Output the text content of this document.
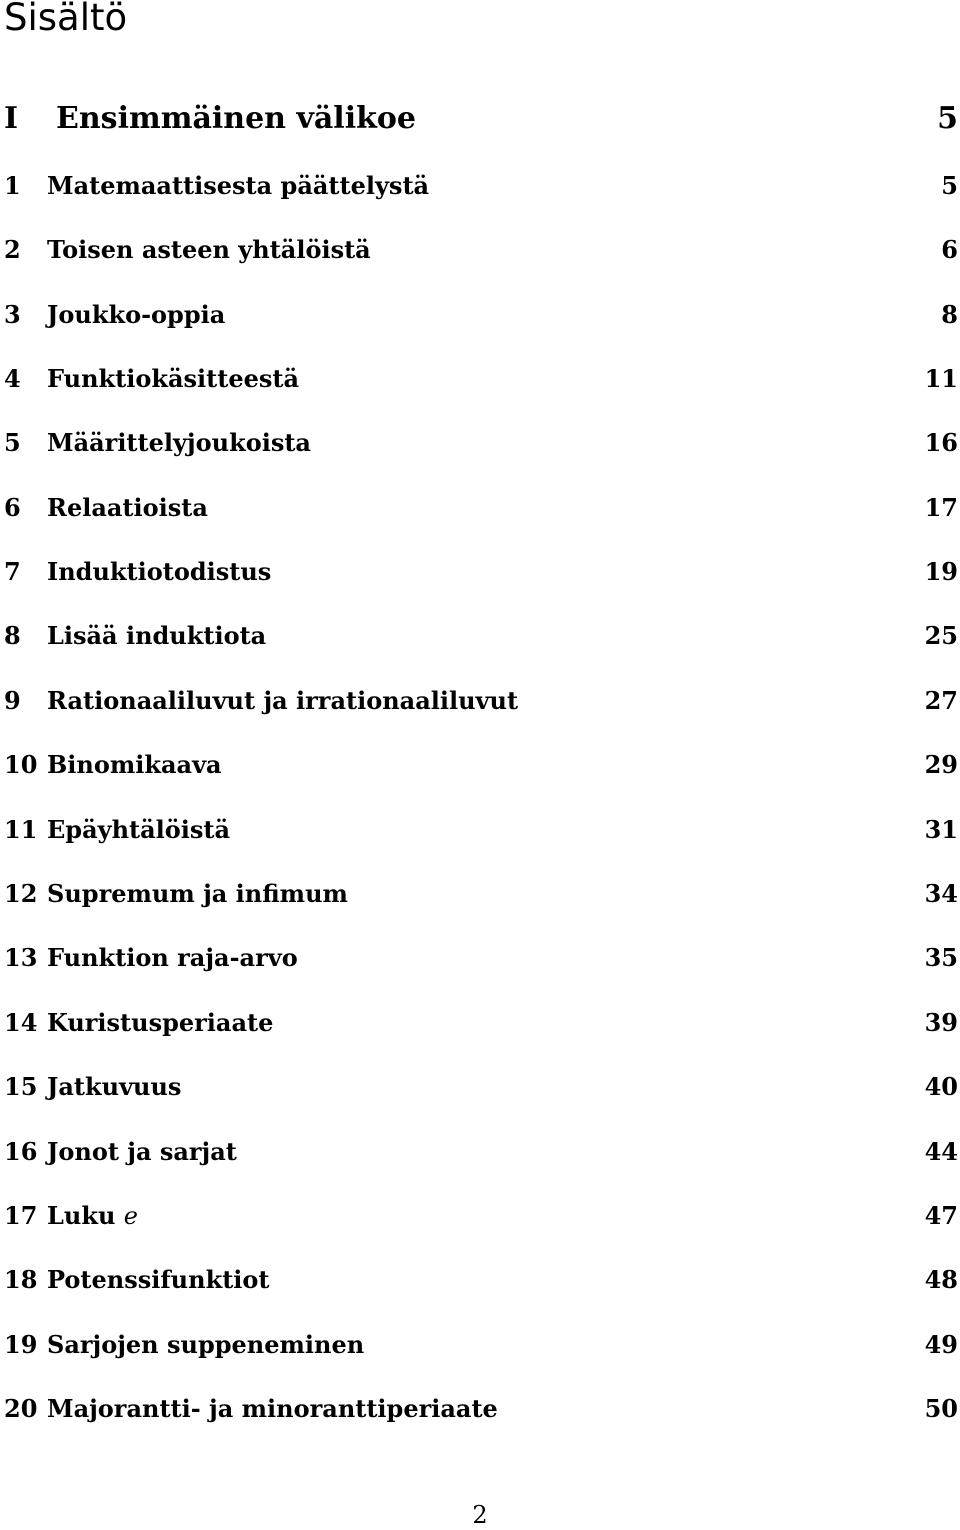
Sisältö
I	Ensimmäinen välikoe	5
1	Matemaattisesta päättelystä	5
2	Toisen asteen yhtälöistä	6
3	Joukko-oppia	8
4	Funktiokäsitteestä	11
5	Määrittelyjoukoista	16
6	Relaatioista	17
7	Induktiotodistus	19
8	Lisää induktiota	25
9	Rationaaliluvut ja irrationaaliluvut	27
10 Binomikaava	29
11 Epäyhtälöistä	31
12 Supremum ja infimum	34
13 Funktion raja-arvo	35
14 Kuristusperiaate	39
15 Jatkuvuus	40
16 Jonot ja sarjat	44
17 Luku e	47
18 Potenssifunktiot	48
19 Sarjojen suppeneminen	49
20 Majorantti- ja minoranttiperiaate	50
2
